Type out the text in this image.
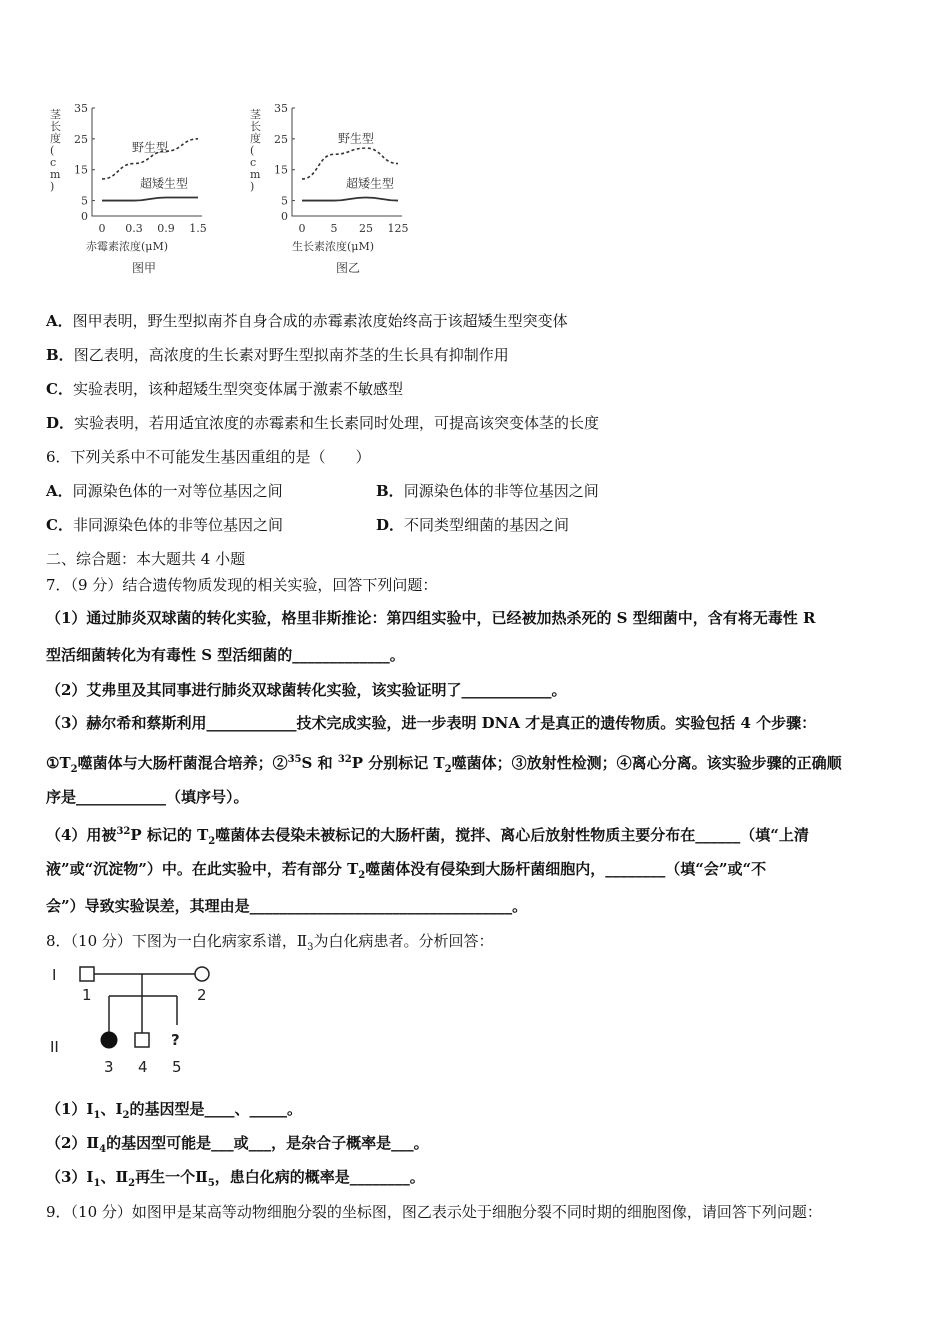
茎长度( c m )
35
25
15
5
0
0 0.3 0.9 1.5
野生型
超矮生型
赤霉素浓度(μM)
图甲
茎长度( c m )
35
25
15
5
0
0 5 25 125
野生型
超矮生型
生长素浓度(μM)
图乙
A．图甲表明，野生型拟南芥自身合成的赤霉素浓度始终高于该超矮生型突变体
B．图乙表明，高浓度的生长素对野生型拟南芥茎的生长具有抑制作用
C．实验表明，该种超矮生型突变体属于激素不敏感型
D．实验表明，若用适宜浓度的赤霉素和生长素同时处理，可提高该突变体茎的长度
6．下列关系中不可能发生基因重组的是（　　）
A．同源染色体的一对等位基因之间	B．同源染色体的非等位基因之间
C．非同源染色体的非等位基因之间	D．不同类型细菌的基因之间
二、综合题：本大题共 4 小题
7．（9 分）结合遗传物质发现的相关实验，回答下列问题：
（1）通过肺炎双球菌的转化实验，格里非斯推论：第四组实验中，已经被加热杀死的 S 型细菌中，含有将无毒性 R
型活细菌转化为有毒性 S 型活细菌的_____________。
（2）艾弗里及其同事进行肺炎双球菌转化实验，该实验证明了____________。
（3）赫尔希和蔡斯利用____________技术完成实验，进一步表明 DNA 才是真正的遗传物质。实验包括 4 个步骤：
$①T_2$噬菌体与大肠杆菌混合培养；②$^{35}$S 和 $^{32}$P 分别标记 $T_2$噬菌体；③放射性检测；④离心分离。该实验步骤的正确顺
序是____________（填序号）。
（4）用被$^{32}$P 标记的 $T_2$噬菌体去侵染未被标记的大肠杆菌，搅拌、离心后放射性物质主要分布在______（填“上清
液”或“沉淀物”）中。在此实验中，若有部分 $T_2$噬菌体没有侵染到大肠杆菌细胞内，________（填“会”或“不
会”）导致实验误差，其理由是___________________________________。
8．（10 分）下图为一白化病家系谱，$Ⅱ_3$为白化病患者。分析回答：
I
II
1	2
?
3 4 5
$(1)Ⅰ_1$、$Ⅰ_2$的基因型是____、_____。
$(2)Ⅱ_4$的基因型可能是___或___，是杂合子概率是___。
$(3)Ⅰ_1$、$Ⅱ_2$再生一个$Ⅱ_5$，患白化病的概率是________。
9．（10 分）如图甲是某高等动物细胞分裂的坐标图，图乙表示处于细胞分裂不同时期的细胞图像，请回答下列问题：
